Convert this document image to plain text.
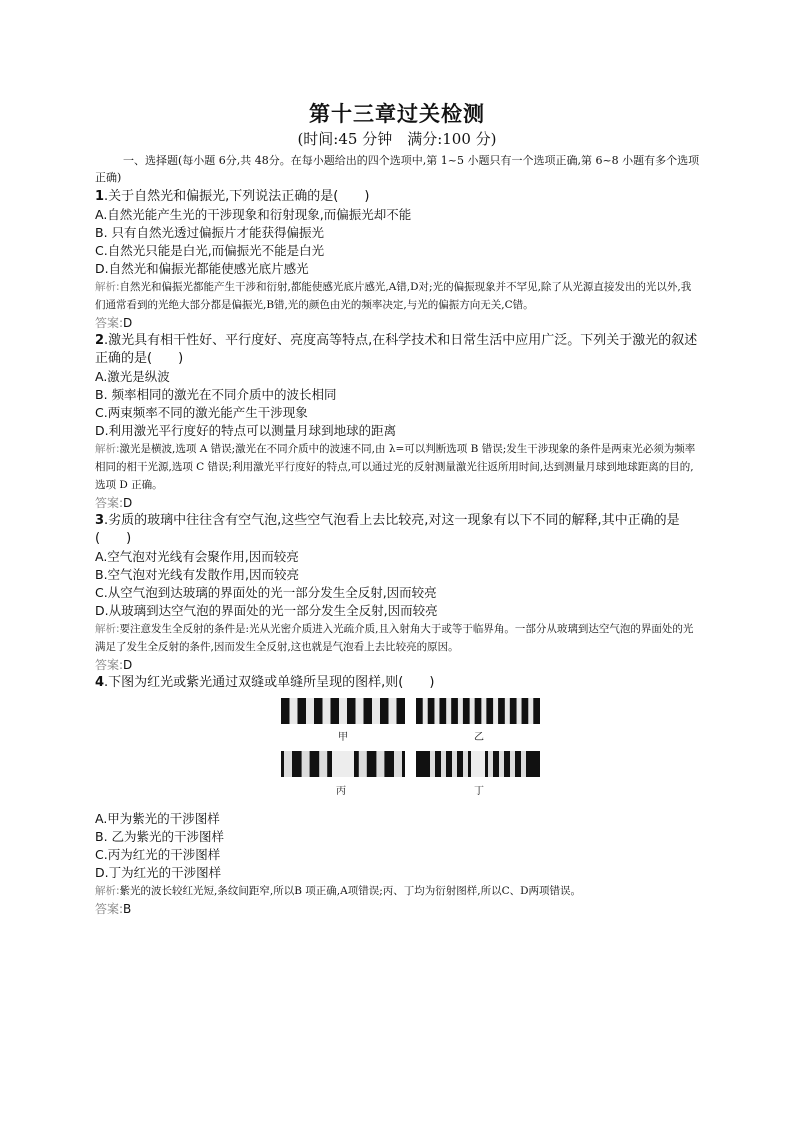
第十三章过关检测
(时间:45 分钟　满分:100 分)
一、选择题(每小题 6分,共 48分。在每小题给出的四个选项中,第 1~5 小题只有一个选项正确,第 6~8 小题有多个选项正确)

1.关于自然光和偏振光,下列说法正确的是(　　)

A.自然光能产生光的干涉现象和衍射现象,而偏振光却不能

B. 只有自然光透过偏振片才能获得偏振光

C.自然光只能是白光,而偏振光不能是白光

D.自然光和偏振光都能使感光底片感光

解析:自然光和偏振光都能产生干涉和衍射,都能使感光底片感光,A错,D对;光的偏振现象并不罕见,除了从光源直接发出的光以外,我们通常看到的光绝大部分都是偏振光,B错,光的颜色由光的频率决定,与光的偏振方向无关,C错。

答案:D

2.激光具有相干性好、平行度好、亮度高等特点,在科学技术和日常生活中应用广泛。下列关于激光的叙述正确的是(　　)

A.激光是纵波

B. 频率相同的激光在不同介质中的波长相同

C.两束频率不同的激光能产生干涉现象

D.利用激光平行度好的特点可以测量月球到地球的距离

解析:激光是横波,选项 A 错误;激光在不同介质中的波速不同,由 λ=可以判断选项 B 错误;发生干涉现象的条件是两束光必须为频率相同的相干光源,选项 C 错误;利用激光平行度好的特点,可以通过光的反射测量激光往返所用时间,达到测量月球到地球距离的目的,选项 D 正确。

答案:D

3.劣质的玻璃中往往含有空气泡,这些空气泡看上去比较亮,对这一现象有以下不同的解释,其中正确的是(　　)

A.空气泡对光线有会聚作用,因而较亮

B.空气泡对光线有发散作用,因而较亮

C.从空气泡到达玻璃的界面处的光一部分发生全反射,因而较亮

D.从玻璃到达空气泡的界面处的光一部分发生全反射,因而较亮

解析:要注意发生全反射的条件是:光从光密介质进入光疏介质,且入射角大于或等于临界角。一部分从玻璃到达空气泡的界面处的光满足了发生全反射的条件,因而发生全反射,这也就是气泡看上去比较亮的原因。

答案:D

4.下图为红光或紫光通过双缝或单缝所呈现的图样,则(　　)

甲	乙
丙	丁

A.甲为紫光的干涉图样

B. 乙为紫光的干涉图样

C.丙为红光的干涉图样

D.丁为红光的干涉图样

解析:紫光的波长较红光短,条纹间距窄,所以B 项正确,A项错误;丙、丁均为衍射图样,所以C、D两项错误。

答案:B
